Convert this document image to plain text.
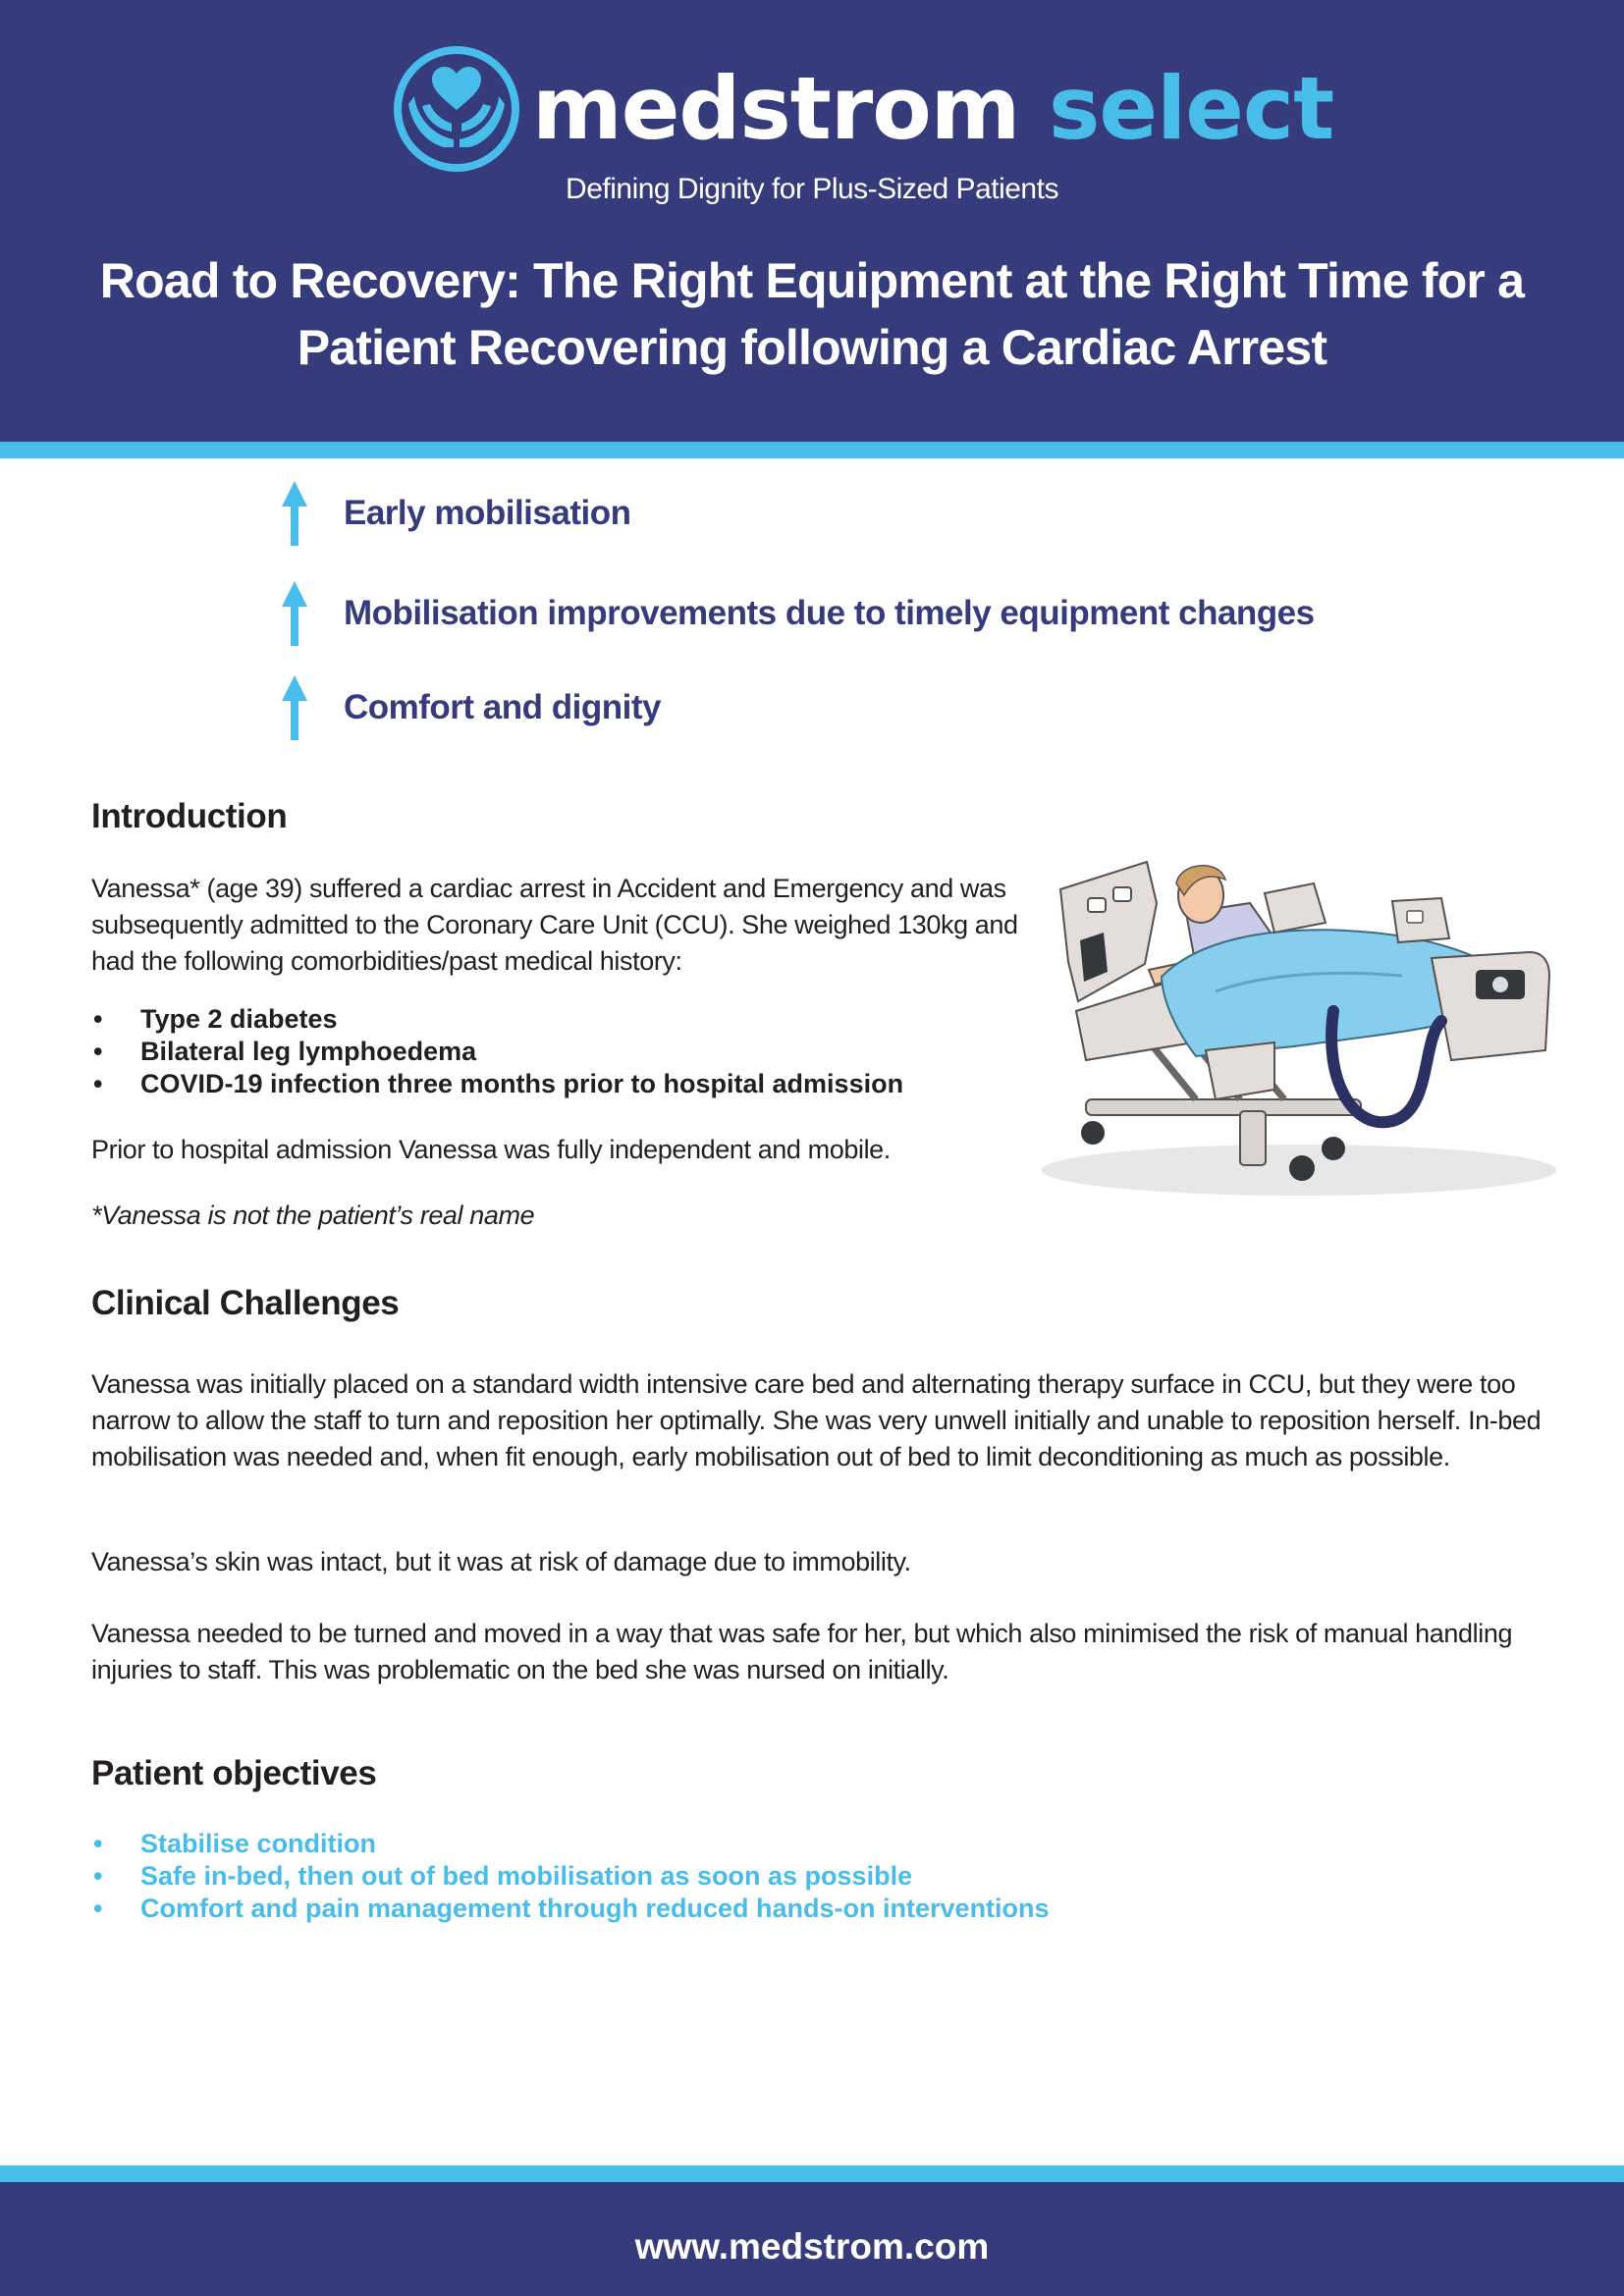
medstrom select
Defining Dignity for Plus-Sized Patients
Road to Recovery: The Right Equipment at the Right Time for a Patient Recovering following a Cardiac Arrest
Early mobilisation
Mobilisation improvements due to timely equipment changes
Comfort and dignity
Introduction
Vanessa* (age 39) suffered a cardiac arrest in Accident and Emergency and was subsequently admitted to the Coronary Care Unit (CCU). She weighed 130kg and had the following comorbidities/past medical history:
• Type 2 diabetes
• Bilateral leg lymphoedema
• COVID-19 infection three months prior to hospital admission
Prior to hospital admission Vanessa was fully independent and mobile.
*Vanessa is not the patient’s real name
Clinical Challenges
Vanessa was initially placed on a standard width intensive care bed and alternating therapy surface in CCU, but they were too narrow to allow the staff to turn and reposition her optimally. She was very unwell initially and unable to reposition herself. In-bed mobilisation was needed and, when fit enough, early mobilisation out of bed to limit deconditioning as much as possible.
Vanessa’s skin was intact, but it was at risk of damage due to immobility.
Vanessa needed to be turned and moved in a way that was safe for her, but which also minimised the risk of manual handling injuries to staff. This was problematic on the bed she was nursed on initially.
Patient objectives
• Stabilise condition
• Safe in-bed, then out of bed mobilisation as soon as possible
• Comfort and pain management through reduced hands-on interventions
www.medstrom.com
